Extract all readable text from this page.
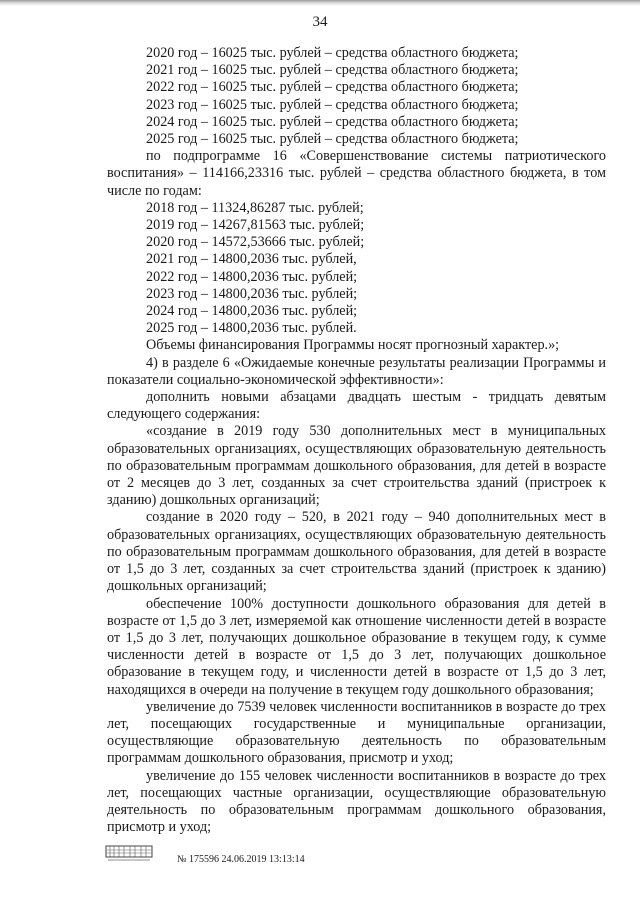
34

2020 год – 16025 тыс. рублей – средства областного бюджета;

2021 год – 16025 тыс. рублей – средства областного бюджета;

2022 год – 16025 тыс. рублей – средства областного бюджета;

2023 год – 16025 тыс. рублей – средства областного бюджета;

2024 год – 16025 тыс. рублей – средства областного бюджета;

2025 год – 16025 тыс. рублей – средства областного бюджета;

по подпрограмме 16 «Совершенствование системы патриотического воспитания» – 114166,23316 тыс. рублей – средства областного бюджета, в том числе по годам:

2018 год – 11324,86287 тыс. рублей;

2019 год – 14267,81563 тыс. рублей;

2020 год – 14572,53666 тыс. рублей;

2021 год – 14800,2036 тыс. рублей,

2022 год – 14800,2036 тыс. рублей;

2023 год – 14800,2036 тыс. рублей;

2024 год – 14800,2036 тыс. рублей;

2025 год – 14800,2036 тыс. рублей.

Объемы финансирования Программы носят прогнозный характер.»;

4) в разделе 6 «Ожидаемые конечные результаты реализации Программы и показатели социально-экономической эффективности»:

дополнить новыми абзацами двадцать шестым - тридцать девятым следующего содержания:

«создание в 2019 году 530 дополнительных мест в муниципальных образовательных организациях, осуществляющих образовательную деятельность по образовательным программам дошкольного образования, для детей в возрасте от 2 месяцев до 3 лет, созданных за счет строительства зданий (пристроек к зданию) дошкольных организаций;

создание в 2020 году – 520, в 2021 году – 940 дополнительных мест в образовательных организациях, осуществляющих образовательную деятельность по образовательным программам дошкольного образования, для детей в возрасте от 1,5 до 3 лет, созданных за счет строительства зданий (пристроек к зданию) дошкольных организаций;

обеспечение 100% доступности дошкольного образования для детей в возрасте от 1,5 до 3 лет, измеряемой как отношение численности детей в возрасте от 1,5 до 3 лет, получающих дошкольное образование в текущем году, к сумме численности детей в возрасте от 1,5 до 3 лет, получающих дошкольное образование в текущем году, и численности детей в возрасте от 1,5 до 3 лет, находящихся в очереди на получение в текущем году дошкольного образования;

увеличение до 7539 человек численности воспитанников в возрасте до трех лет, посещающих государственные и муниципальные организации, осуществляющие образовательную деятельность по образовательным программам дошкольного образования, присмотр и уход;

увеличение до 155 человек численности воспитанников в возрасте до трех лет, посещающих частные организации, осуществляющие образовательную деятельность по образовательным программам дошкольного образования, присмотр и уход;

№ 175596 24.06.2019 13:13:14
